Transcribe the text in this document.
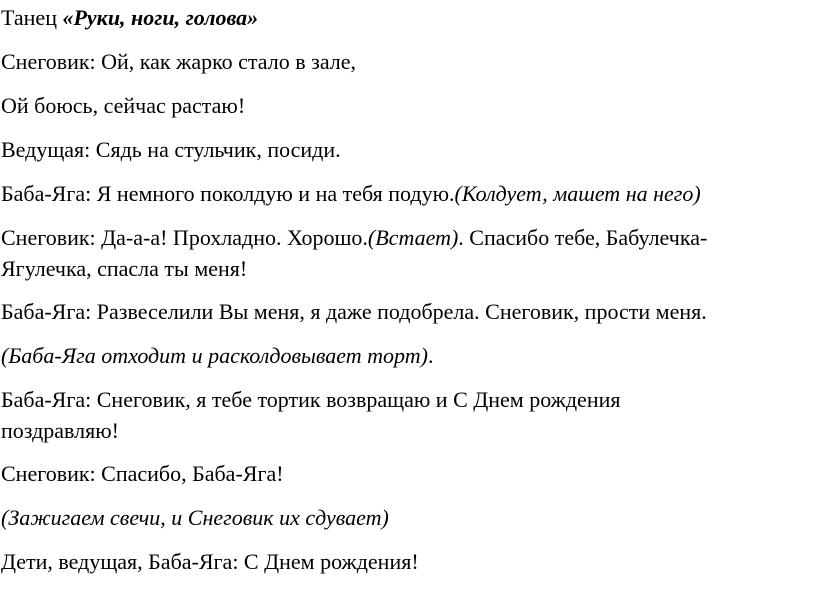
Танец «Руки, ноги, голова»
Снеговик: Ой, как жарко стало в зале,
Ой боюсь, сейчас растаю!
Ведущая: Сядь на стульчик, посиди.
Баба-Яга: Я немного поколдую и на тебя подую.(Колдует, машет на него)
Снеговик: Да-а-а! Прохладно. Хорошо.(Встает). Спасибо тебе, Бабулечка-
Ягулечка, спасла ты меня!
Баба-Яга: Развеселили Вы меня, я даже подобрела. Снеговик, прости меня.
(Баба-Яга отходит и расколдовывает торт).
Баба-Яга: Снеговик, я тебе тортик возвращаю и С Днем рождения
поздравляю!
Снеговик: Спасибо, Баба-Яга!
(Зажигаем свечи, и Снеговик их сдувает)
Дети, ведущая, Баба-Яга: С Днем рождения!
